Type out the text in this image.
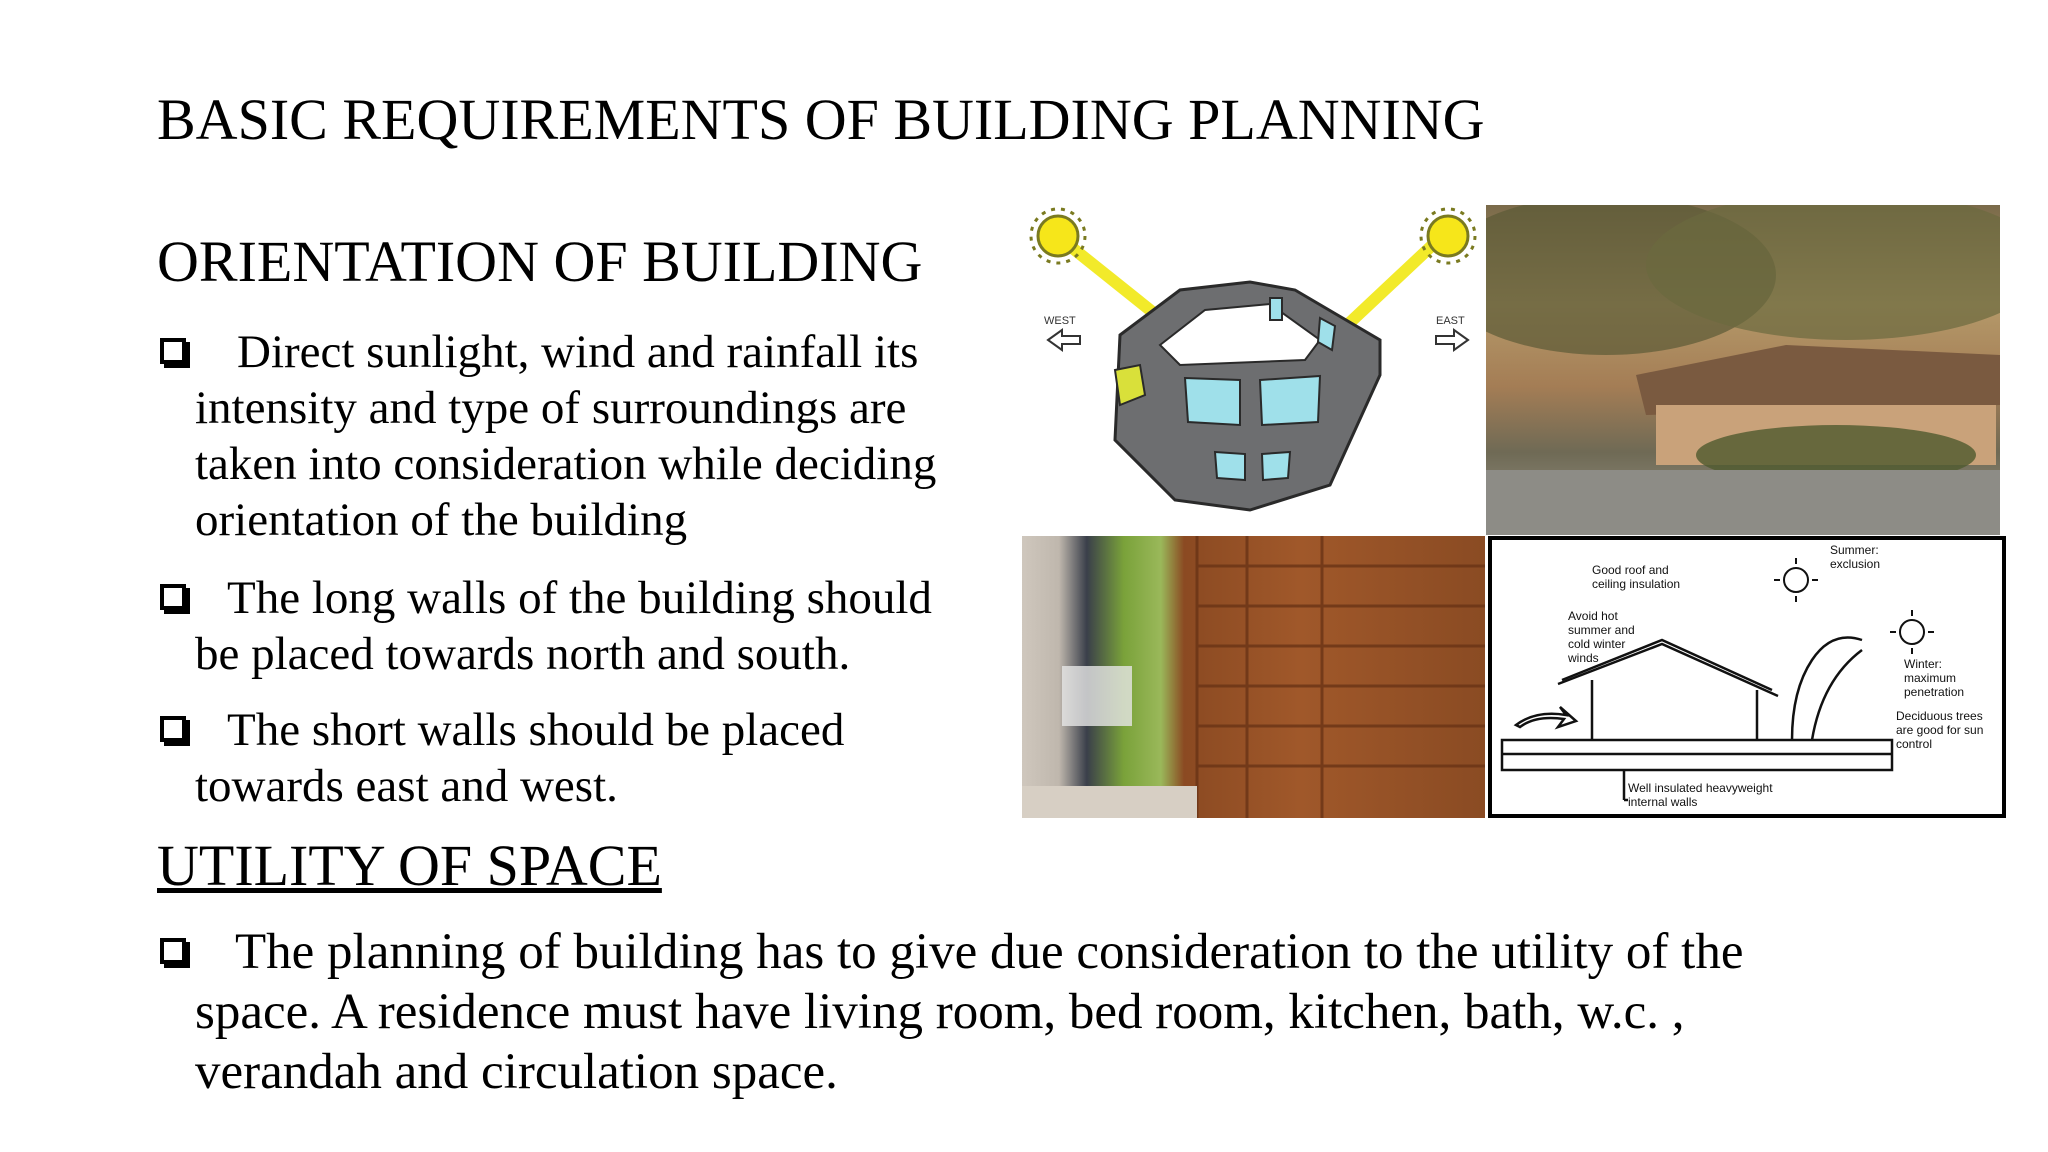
BASIC REQUIREMENTS OF BUILDING PLANNING
ORIENTATION OF BUILDING
Direct sunlight, wind and rainfall its
intensity and type of surroundings are
taken into consideration while deciding
orientation of the building
The long walls of the building should
be placed towards north and south.
The short walls should be placed
towards east and west.
UTILITY OF SPACE
The planning of building has to give due consideration to the utility of the
space. A residence must have living room, bed room, kitchen, bath, w.c. ,
verandah and circulation space.
WEST	EAST
Good roof and
ceiling insulation
Avoid hot
summer and
cold winter
winds
Summer:
exclusion
Winter:
maximum
penetration
Deciduous trees
are good for sun
control
Well insulated heavyweight
internal walls
